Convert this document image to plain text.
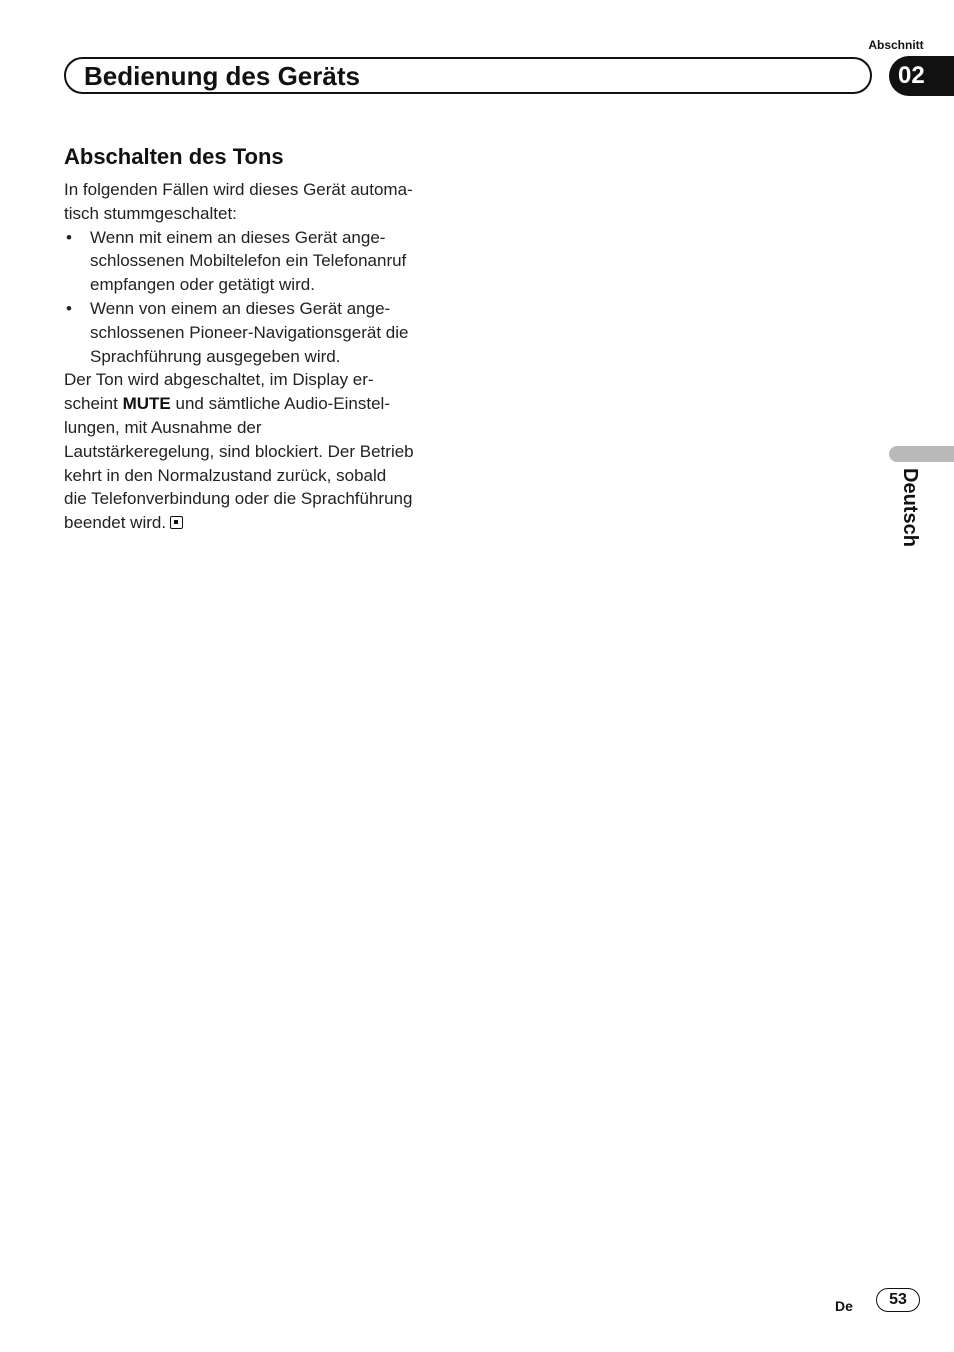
Abschnitt
Bedienung des Geräts	02
Deutsch
Abschalten des Tons

In folgenden Fällen wird dieses Gerät automa-
tisch stummgeschaltet:

• Wenn mit einem an dieses Gerät ange-
schlossenen Mobiltelefon ein Telefonanruf
empfangen oder getätigt wird.
• Wenn von einem an dieses Gerät ange-
schlossenen Pioneer-Navigationsgerät die
Sprachführung ausgegeben wird.

Der Ton wird abgeschaltet, im Display er-
scheint MUTE und sämtliche Audio-Einstel-
lungen, mit Ausnahme der
Lautstärkeregelung, sind blockiert. Der Betrieb
kehrt in den Normalzustand zurück, sobald
die Telefonverbindung oder die Sprachführung
beendet wird.

De	53
